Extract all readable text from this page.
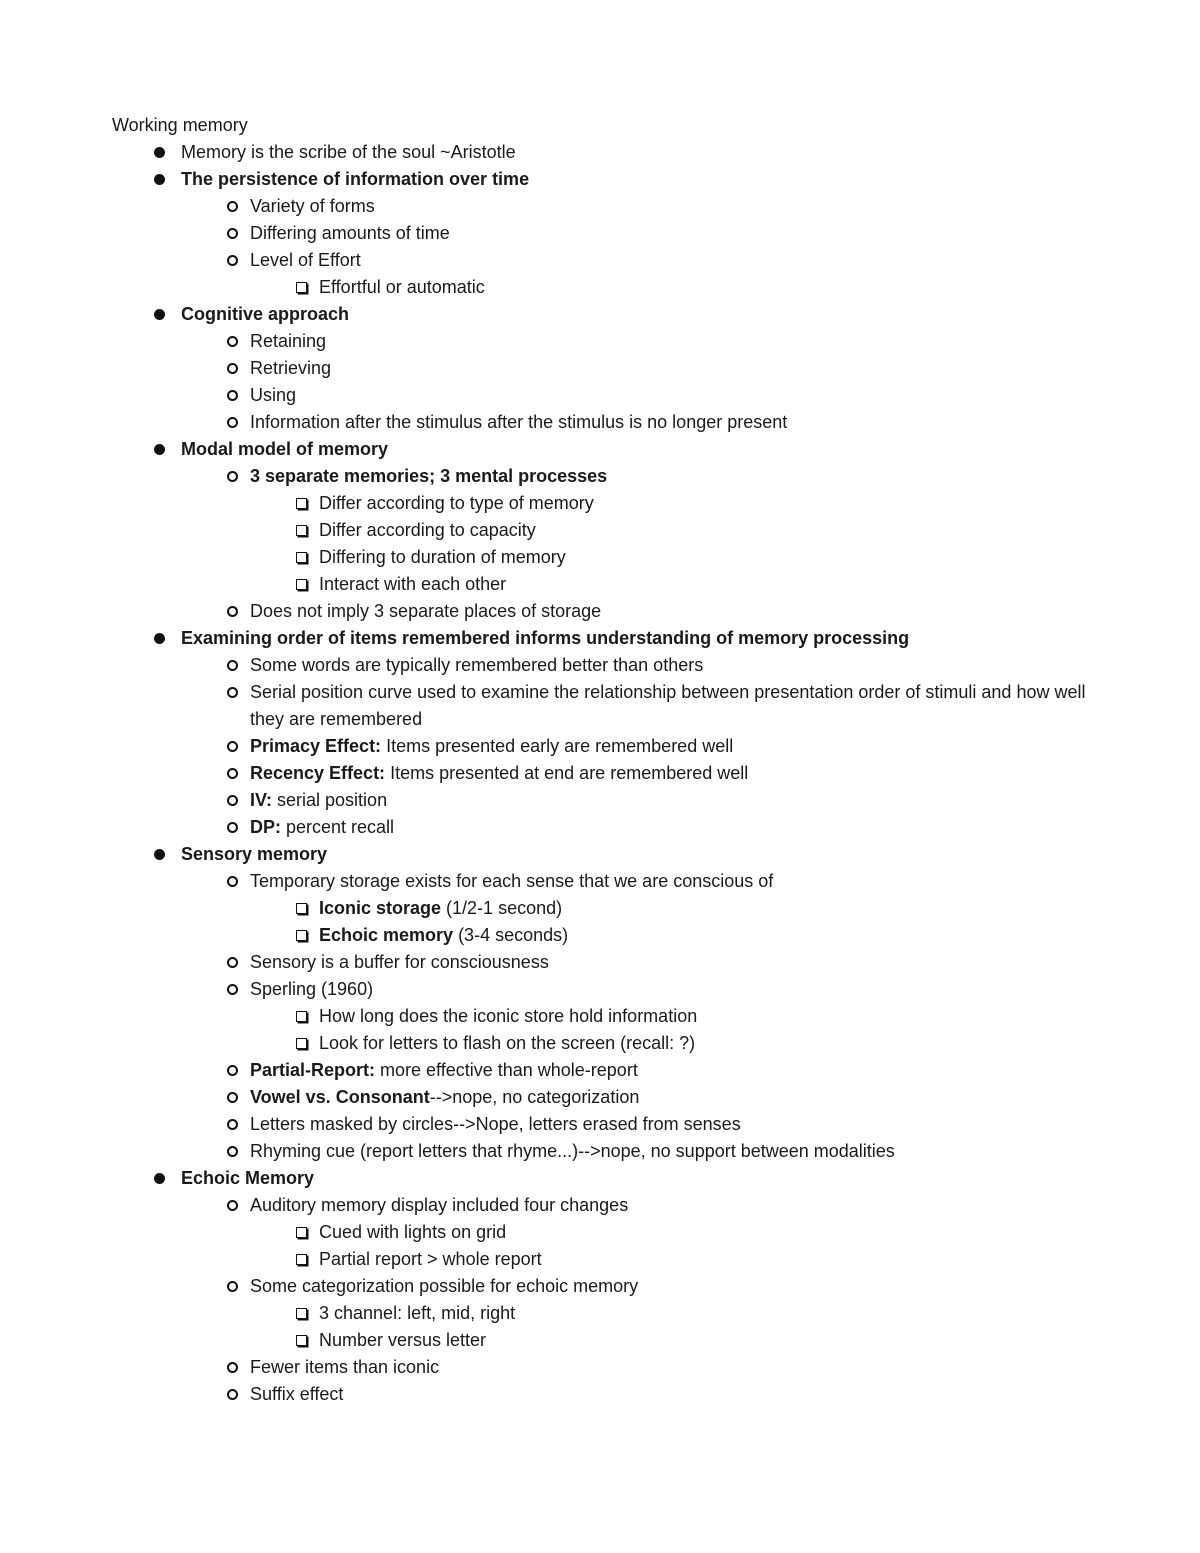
Working memory
Memory is the scribe of the soul ~Aristotle
The persistence of information over time
Variety of forms
Differing amounts of time
Level of Effort
Effortful or automatic
Cognitive approach
Retaining
Retrieving
Using
Information after the stimulus after the stimulus is no longer present
Modal model of memory
3 separate memories; 3 mental processes
Differ according to type of memory
Differ according to capacity
Differing to duration of memory
Interact with each other
Does not imply 3 separate places of storage
Examining order of items remembered informs understanding of memory processing
Some words are typically remembered better than others
Serial position curve used to examine the relationship between presentation order of stimuli and how well they are remembered
Primacy Effect: Items presented early are remembered well
Recency Effect: Items presented at end are remembered well
IV: serial position
DP: percent recall
Sensory memory
Temporary storage exists for each sense that we are conscious of
Iconic storage (1/2-1 second)
Echoic memory (3-4 seconds)
Sensory is a buffer for consciousness
Sperling (1960)
How long does the iconic store hold information
Look for letters to flash on the screen (recall: ?)
Partial-Report: more effective than whole-report
Vowel vs. Consonant-->nope, no categorization
Letters masked by circles-->Nope, letters erased from senses
Rhyming cue (report letters that rhyme...)-->nope, no support between modalities
Echoic Memory
Auditory memory display included four changes
Cued with lights on grid
Partial report > whole report
Some categorization possible for echoic memory
3 channel: left, mid, right
Number versus letter
Fewer items than iconic
Suffix effect
